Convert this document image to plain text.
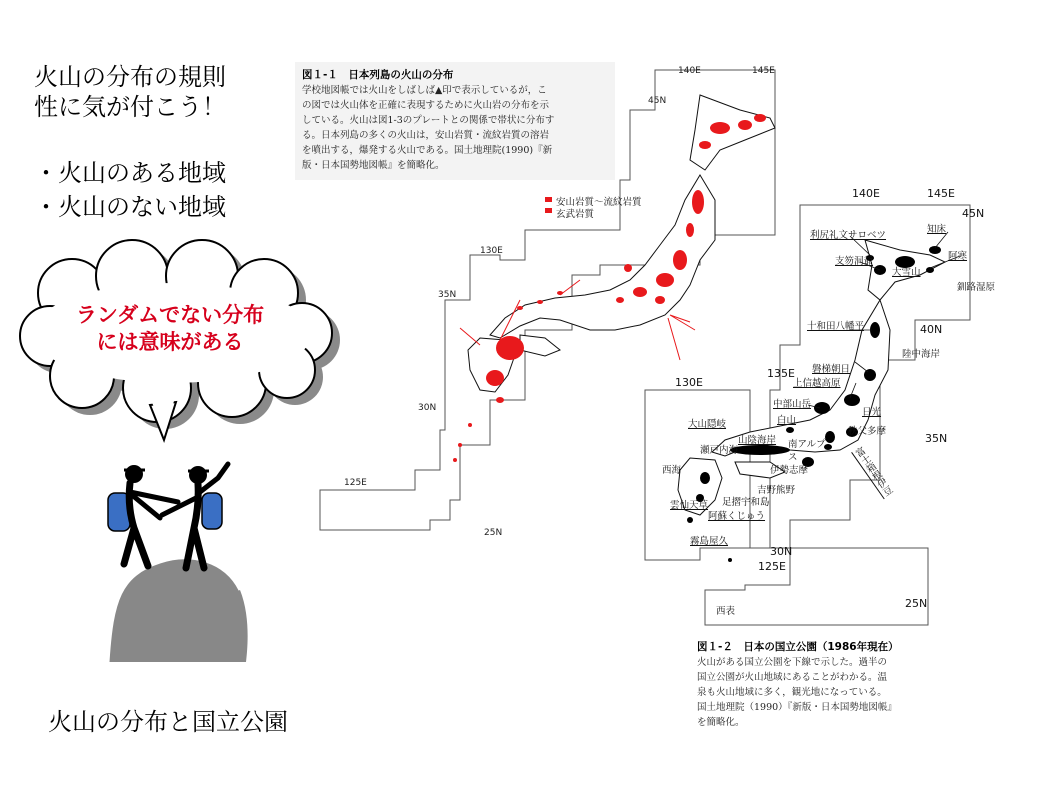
火山の分布の規則
性に気が付こう！
・火山のある地域
・火山のない地域
ランダムでない分布
には意味がある
図１-１　日本列島の火山の分布
学校地図帳では火山をしばしば▲印で表示しているが，こ
の図では火山体を正確に表現するために火山岩の分布を示
している。火山は図1-3のプレートとの関係で帯状に分布す
る。日本列島の多くの火山は，安山岩質・流紋岩質の溶岩
を噴出する，爆発する火山である。国土地理院(1990)『新
版・日本国勢地図帳』を簡略化。
安山岩質～流紋岩質
玄武岩質
145E
140E
45N
130E
35N
30N
125E
25N
140E	145E
45N
40N
135E
130E
35N
30N
125E
25N
知床
利尻礼文サロベツ
阿寒
支笏洞爺
大雪山
釧路湿原
十和田八幡平
陸中海岸
磐梯朝日
上信越高原
中部山岳
日光
白山
秩父多摩
大山隠岐
南アルプス
山陰海岸
瀬戸内海
伊勢志摩	富士箱根伊豆
西海
吉野熊野
雲仙天草 足摺宇和島
阿蘇くじゅう
霧島屋久
西表
図１-２　日本の国立公園（1986年現在）
火山がある国立公園を下線で示した。過半の
国立公園が火山地域にあることがわかる。温
泉も火山地域に多く，観光地になっている。
国土地理院（1990）『新版・日本国勢地図帳』
を簡略化。
火山の分布と国立公園
